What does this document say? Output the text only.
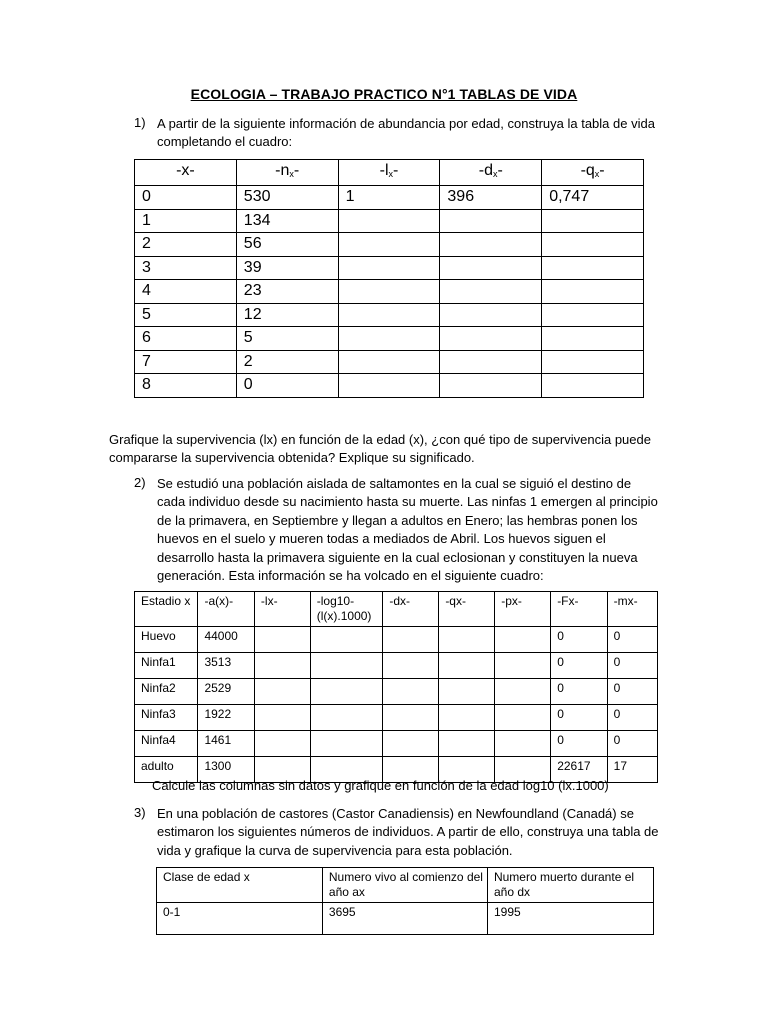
ECOLOGIA – TRABAJO PRACTICO N°1 TABLAS DE VIDA
1) A partir de la siguiente información de abundancia por edad, construya la tabla de vida completando el cuadro:
-x-	$-n_x-$	$-l_x-$	$-d_x-$	$-q_x-$
0	530	1	396	0,747
1	134			
2	56			
3	39			
4	23			
5	12			
6	5			
7	2			
8	0			
Grafique la supervivencia (lx) en función de la edad (x), ¿con qué tipo de supervivencia puede compararse la supervivencia obtenida? Explique su significado.
2) Se estudió una población aislada de saltamontes en la cual se siguió el destino de cada individuo desde su nacimiento hasta su muerte. Las ninfas 1 emergen al principio de la primavera, en Septiembre y llegan a adultos en Enero; las hembras ponen los huevos en el suelo y mueren todas a mediados de Abril. Los huevos siguen el desarrollo hasta la primavera siguiente en la cual eclosionan y constituyen la nueva generación. Esta información se ha volcado en el siguiente cuadro:
Estadio x	-a(x)-	-lx-	-log10-(l(x).1000)	-dx-	-qx-	-px-	-Fx-	-mx-
Huevo	44000						0	0
Ninfa1	3513						0	0
Ninfa2	2529						0	0
Ninfa3	1922						0	0
Ninfa4	1461						0	0
adulto	1300						22617	17
Calcule las columnas sin datos y grafique en función de la edad log10 (lx.1000)
3) En una población de castores (Castor Canadiensis) en Newfoundland (Canadá) se estimaron los siguientes números de individuos. A partir de ello, construya una tabla de vida y grafique la curva de supervivencia para esta población.
Clase de edad x	Numero vivo al comienzo del año ax	Numero muerto durante el año dx
0-1	3695	1995
